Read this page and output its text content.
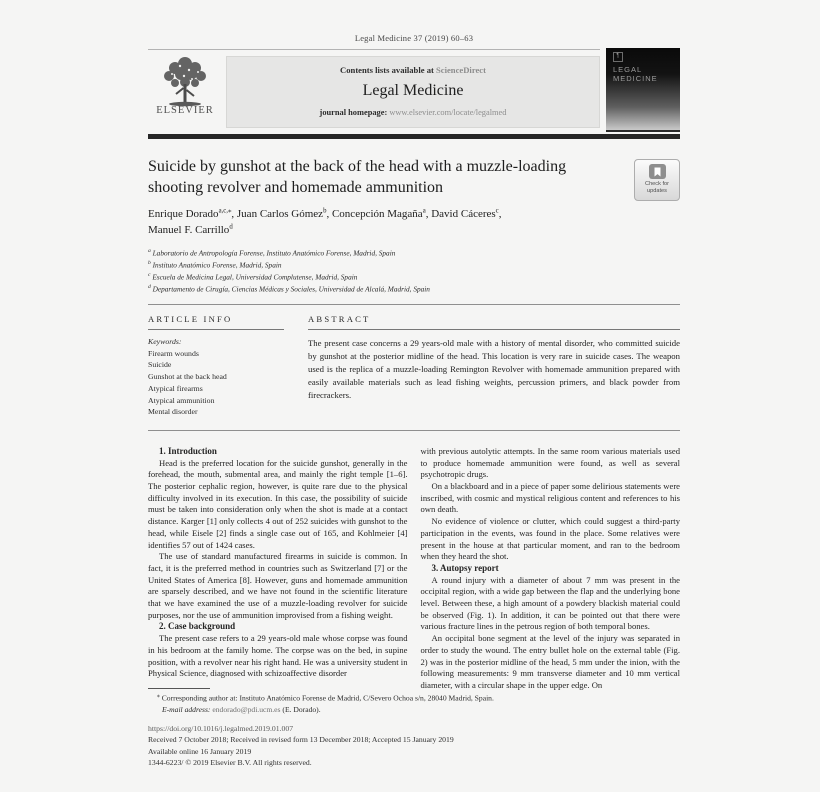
Legal Medicine 37 (2019) 60–63
ELSEVIER
Contents lists available at ScienceDirect
Legal Medicine
journal homepage: www.elsevier.com/locate/legalmed
¶
LEGAL
MEDICINE
Suicide by gunshot at the back of the head with a muzzle-loading shooting revolver and homemade ammunition	Check for updates
Enrique Dorado$^{a,c,⁎}$, Juan Carlos Gómez$^b$, Concepción Magaña$^a$, David Cáceres$^c$,
Manuel F. Carrillo$^d$
$^a$ Laboratorio de Antropología Forense, Instituto Anatómico Forense, Madrid, Spain
$^b$ Instituto Anatómico Forense, Madrid, Spain
$^c$ Escuela de Medicina Legal, Universidad Complutense, Madrid, Spain
$^d$ Departamento de Cirugía, Ciencias Médicas y Sociales, Universidad de Alcalá, Madrid, Spain
ARTICLE INFO
Keywords:
Firearm wounds
Suicide
Gunshot at the back head
Atypical firearms
Atypical ammunition
Mental disorder
ABSTRACT
The present case concerns a 29 years-old male with a history of mental disorder, who committed suicide by gunshot at the posterior midline of the head. This location is very rare in suicide cases. The weapon used is the replica of a muzzle-loading Remington Revolver with homemade ammunition prepared with easily available materials such as lead fishing weights, percussion primers, and black powder from firecrackers.

1. Introduction

Head is the preferred location for the suicide gunshot, generally in the forehead, the mouth, submental area, and mainly the right temple [1–6]. The posterior cephalic region, however, is quite rare due to the physical difficulty involved in its execution. In this case, the possibility of suicide must be taken into consideration only when the shot is made at a contact distance. Karger [1] only collects 4 out of 252 suicides with gunshot to the head, while Eisele [2] finds a single case out of 165, and Kohlmeier [4] identifies 57 out of 1424 cases.

The use of standard manufactured firearms in suicide is common. In fact, it is the preferred method in countries such as Switzerland [7] or the United States of America [8]. However, guns and homemade ammunition are sparsely described, and we have not found in the scientific literature that we have examined the use of a muzzle-loading revolver for suicide purposes, nor the use of ammunition improvised from a fishing weight.

2. Case background

The present case refers to a 29 years-old male whose corpse was found in his bedroom at the family home. The corpse was on the bed, in supine position, with a revolver near his right hand. He was a university student in Physical Science, diagnosed with schizoaffective disorder

with previous autolytic attempts. In the same room various materials used to produce homemade ammunition were found, as well as several psychotropic drugs.

On a blackboard and in a piece of paper some delirious statements were inscribed, with cosmic and mystical religious content and references to his own death.

No evidence of violence or clutter, which could suggest a third-party participation in the events, was found in the place. Some relatives were present in the house at that particular moment, and ran to the bedroom when they heard the shot.

3. Autopsy report

A round injury with a diameter of about 7 mm was present in the occipital region, with a wide gap between the flap and the underlying bone level. Between these, a high amount of a powdery blackish material could be observed (Fig. 1). In addition, it can be pointed out that there were various fracture lines in the petrous region of both temporal bones.

An occipital bone segment at the level of the injury was separated in order to study the wound. The entry bullet hole on the external table (Fig. 2) was in the posterior midline of the head, 5 mm under the inion, with the following measurements: 9 mm transverse diameter and 10 mm vertical diameter, with a circular shape in the upper edge. On

⁎ Corresponding author at: Instituto Anatómico Forense de Madrid, C/Severo Ochoa s/n, 28040 Madrid, Spain.
E-mail address: endorado@pdi.ucm.es (E. Dorado).
https://doi.org/10.1016/j.legalmed.2019.01.007
Received 7 October 2018; Received in revised form 13 December 2018; Accepted 15 January 2019
Available online 16 January 2019
1344-6223/ © 2019 Elsevier B.V. All rights reserved.
